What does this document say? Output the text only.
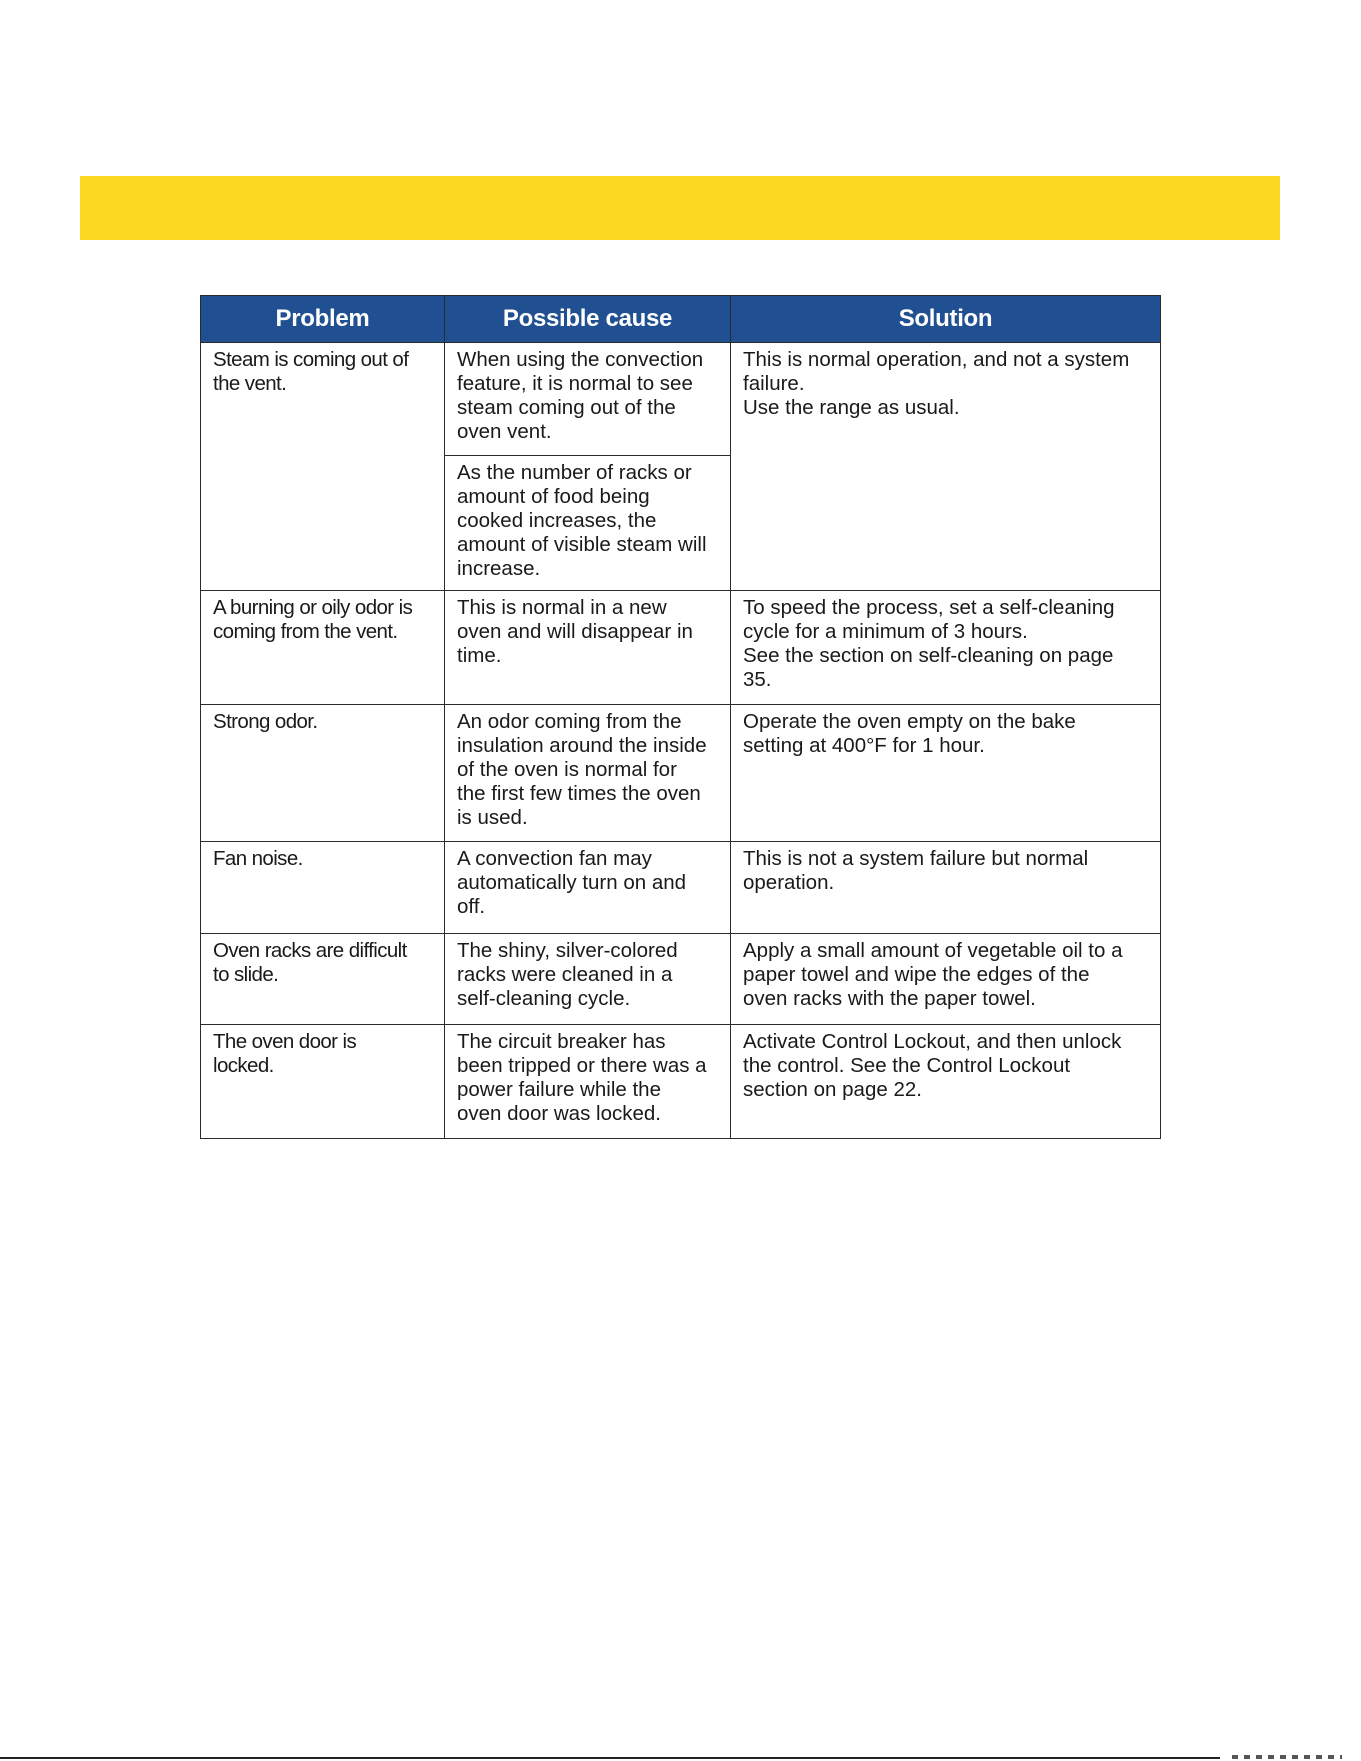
Problem	Possible cause	Solution

Steam is coming out of
the vent.	When using the convection
feature, it is normal to see
steam coming out of the
oven vent.	This is normal operation, and not a system
failure.
Use the range as usual.

	As the number of racks or
amount of food being
cooked increases, the
amount of visible steam will
increase.	

A burning or oily odor is
coming from the vent.	This is normal in a new
oven and will disappear in
time.	To speed the process, set a self-cleaning
cycle for a minimum of 3 hours.
See the section on self-cleaning on page
35.

Strong odor.	An odor coming from the
insulation around the inside
of the oven is normal for
the first few times the oven
is used.	Operate the oven empty on the bake
setting at 400°F for 1 hour.

Fan noise.	A convection fan may
automatically turn on and
off.	This is not a system failure but normal
operation.

Oven racks are difficult
to slide.	The shiny, silver-colored
racks were cleaned in a
self-cleaning cycle.	Apply a small amount of vegetable oil to a
paper towel and wipe the edges of the
oven racks with the paper towel.

The oven door is
locked.	The circuit breaker has
been tripped or there was a
power failure while the
oven door was locked.	Activate Control Lockout, and then unlock
the control. See the Control Lockout
section on page 22.
